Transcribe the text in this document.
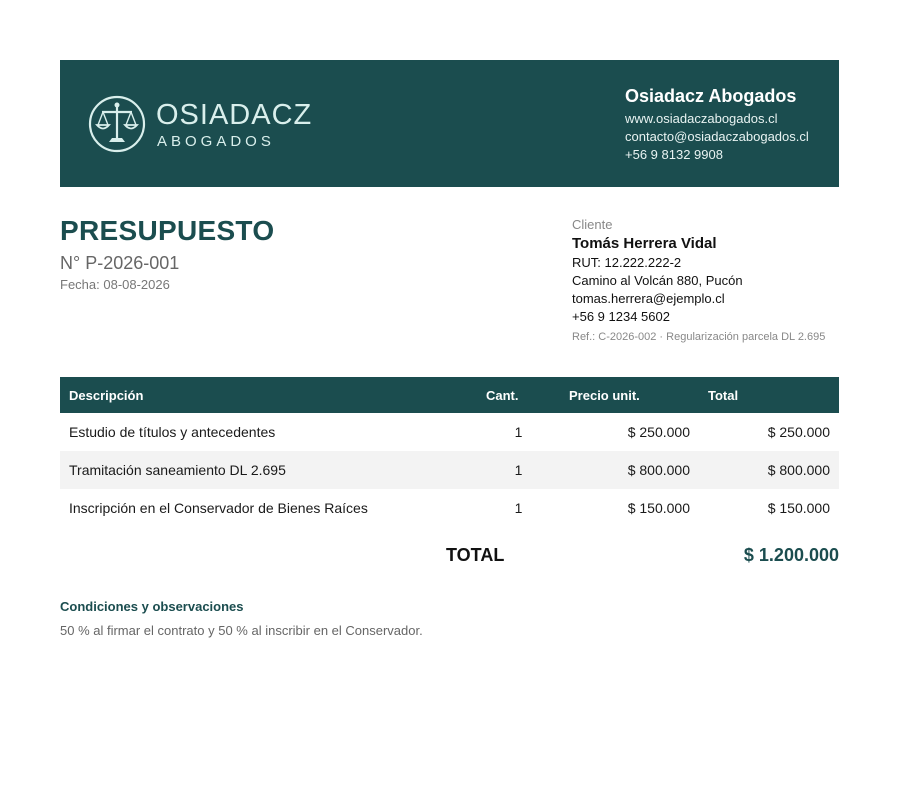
OSIADACZ
ABOGADOS
Osiadacz Abogados
www.osiadaczabogados.cl
contacto@osiadaczabogados.cl
+56 9 8132 9908
PRESUPUESTO
N° P-2026-001
Fecha: 08-08-2026
Cliente
Tomás Herrera Vidal
RUT: 12.222.222-2
Camino al Volcán 880, Pucón
tomas.herrera@ejemplo.cl
+56 9 1234 5602
Ref.: C-2026-002 · Regularización parcela DL 2.695
Descripción	Cant.	Precio unit.	Total
Estudio de títulos y antecedentes	1	$ 250.000	$ 250.000
Tramitación saneamiento DL 2.695	1	$ 800.000	$ 800.000
Inscripción en el Conservador de Bienes Raíces	1	$ 150.000	$ 150.000
TOTAL	$ 1.200.000
Condiciones y observaciones
50 % al firmar el contrato y 50 % al inscribir en el Conservador.
